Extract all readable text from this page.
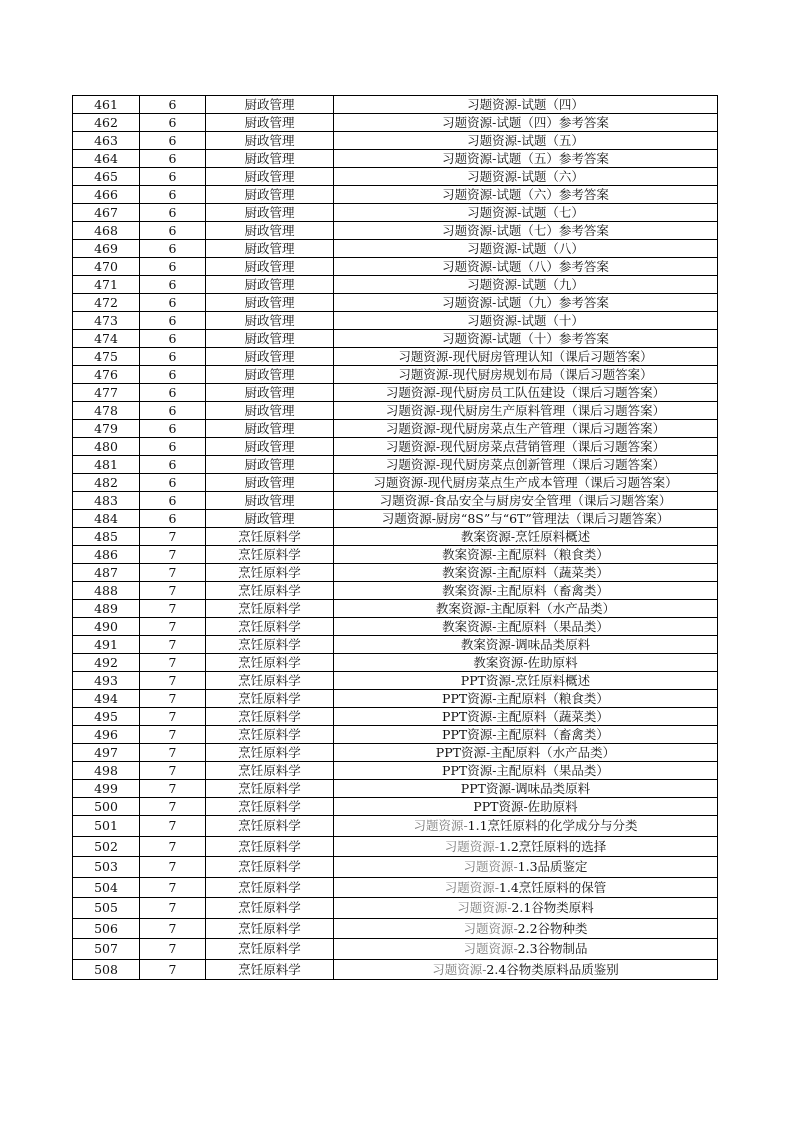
461	6	厨政管理	习题资源-试题（四）
462	6	厨政管理	习题资源-试题（四）参考答案
463	6	厨政管理	习题资源-试题（五）
464	6	厨政管理	习题资源-试题（五）参考答案
465	6	厨政管理	习题资源-试题（六）
466	6	厨政管理	习题资源-试题（六）参考答案
467	6	厨政管理	习题资源-试题（七）
468	6	厨政管理	习题资源-试题（七）参考答案
469	6	厨政管理	习题资源-试题（八）
470	6	厨政管理	习题资源-试题（八）参考答案
471	6	厨政管理	习题资源-试题（九）
472	6	厨政管理	习题资源-试题（九）参考答案
473	6	厨政管理	习题资源-试题（十）
474	6	厨政管理	习题资源-试题（十）参考答案
475	6	厨政管理	习题资源-现代厨房管理认知（课后习题答案）
476	6	厨政管理	习题资源-现代厨房规划布局（课后习题答案）
477	6	厨政管理	习题资源-现代厨房员工队伍建设（课后习题答案）
478	6	厨政管理	习题资源-现代厨房生产原料管理（课后习题答案）
479	6	厨政管理	习题资源-现代厨房菜点生产管理（课后习题答案）
480	6	厨政管理	习题资源-现代厨房菜点营销管理（课后习题答案）
481	6	厨政管理	习题资源-现代厨房菜点创新管理（课后习题答案）
482	6	厨政管理	习题资源-现代厨房菜点生产成本管理（课后习题答案）
483	6	厨政管理	习题资源-食品安全与厨房安全管理（课后习题答案）
484	6	厨政管理	习题资源-厨房“8S”与“6T”管理法（课后习题答案）
485	7	烹饪原料学	教案资源-烹饪原料概述
486	7	烹饪原料学	教案资源-主配原料（粮食类）
487	7	烹饪原料学	教案资源-主配原料（蔬菜类）
488	7	烹饪原料学	教案资源-主配原料（畜禽类）
489	7	烹饪原料学	教案资源-主配原料（水产品类）
490	7	烹饪原料学	教案资源-主配原料（果品类）
491	7	烹饪原料学	教案资源-调味品类原料
492	7	烹饪原料学	教案资源-佐助原料
493	7	烹饪原料学	PPT资源-烹饪原料概述
494	7	烹饪原料学	PPT资源-主配原料（粮食类）
495	7	烹饪原料学	PPT资源-主配原料（蔬菜类）
496	7	烹饪原料学	PPT资源-主配原料（畜禽类）
497	7	烹饪原料学	PPT资源-主配原料（水产品类）
498	7	烹饪原料学	PPT资源-主配原料（果品类）
499	7	烹饪原料学	PPT资源-调味品类原料
500	7	烹饪原料学	PPT资源-佐助原料
501	7	烹饪原料学	习题资源-1.1烹饪原料的化学成分与分类
502	7	烹饪原料学	习题资源-1.2烹饪原料的选择
503	7	烹饪原料学	习题资源-1.3品质鉴定
504	7	烹饪原料学	习题资源-1.4烹饪原料的保管
505	7	烹饪原料学	习题资源-2.1谷物类原料
506	7	烹饪原料学	习题资源-2.2谷物种类
507	7	烹饪原料学	习题资源-2.3谷物制品
508	7	烹饪原料学	习题资源-2.4谷物类原料品质鉴别
